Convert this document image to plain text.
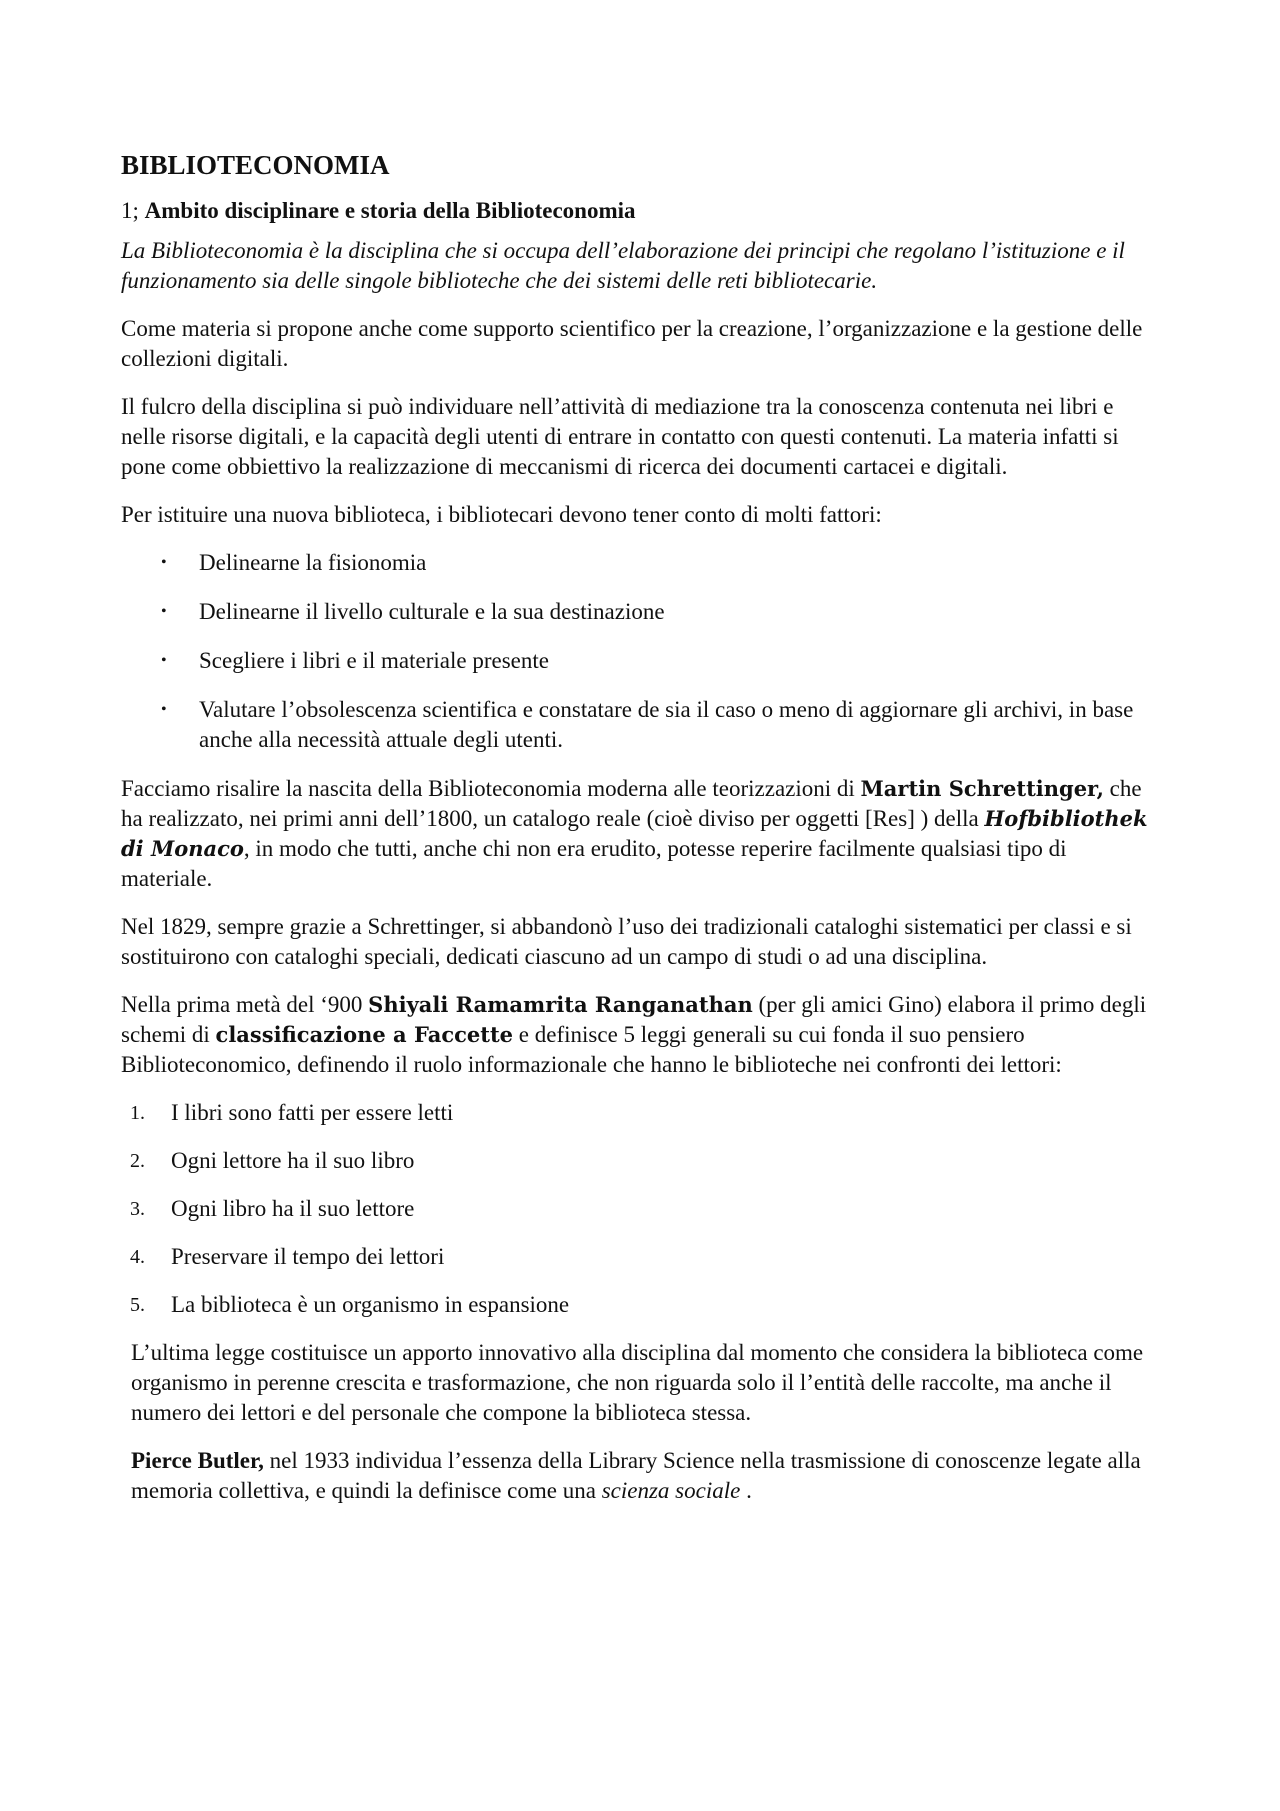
BIBLIOTECONOMIA
1; Ambito disciplinare e storia della Biblioteconomia

La Biblioteconomia è la disciplina che si occupa dell’elaborazione dei principi che regolano l’istituzione e il funzionamento sia delle singole biblioteche che dei sistemi delle reti bibliotecarie.

Come materia si propone anche come supporto scientifico per la creazione, l’organizzazione e la gestione delle collezioni digitali.

Il fulcro della disciplina si può individuare nell’attività di mediazione tra la conoscenza contenuta nei libri e nelle risorse digitali, e la capacità degli utenti di entrare in contatto con questi contenuti. La materia infatti si pone come obbiettivo la realizzazione di meccanismi di ricerca dei documenti cartacei e digitali.

Per istituire una nuova biblioteca, i bibliotecari devono tener conto di molti fattori:

• Delinearne la fisionomia
• Delinearne il livello culturale e la sua destinazione
• Scegliere i libri e il materiale presente
• Valutare l’obsolescenza scientifica e constatare de sia il caso o meno di aggiornare gli archivi, in base anche alla necessità attuale degli utenti.

Facciamo risalire la nascita della Biblioteconomia moderna alle teorizzazioni di Martin Schrettinger, che ha realizzato, nei primi anni dell’1800, un catalogo reale (cioè diviso per oggetti [Res] ) della Hofbibliothek di Monaco, in modo che tutti, anche chi non era erudito, potesse reperire facilmente qualsiasi tipo di materiale.

Nel 1829, sempre grazie a Schrettinger, si abbandonò l’uso dei tradizionali cataloghi sistematici per classi e si sostituirono con cataloghi speciali, dedicati ciascuno ad un campo di studi o ad una disciplina.

Nella prima metà del ‘900 Shiyali Ramamrita Ranganathan (per gli amici Gino) elabora il primo degli schemi di classificazione a Faccette e definisce 5 leggi generali su cui fonda il suo pensiero Biblioteconomico, definendo il ruolo informazionale che hanno le biblioteche nei confronti dei lettori:

1. I libri sono fatti per essere letti
2. Ogni lettore ha il suo libro
3. Ogni libro ha il suo lettore
4. Preservare il tempo dei lettori
5. La biblioteca è un organismo in espansione

L’ultima legge costituisce un apporto innovativo alla disciplina dal momento che considera la biblioteca come organismo in perenne crescita e trasformazione, che non riguarda solo il l’entità delle raccolte, ma anche il numero dei lettori e del personale che compone la biblioteca stessa.

Pierce Butler, nel 1933 individua l’essenza della Library Science nella trasmissione di conoscenze legate alla memoria collettiva, e quindi la definisce come una scienza sociale .
